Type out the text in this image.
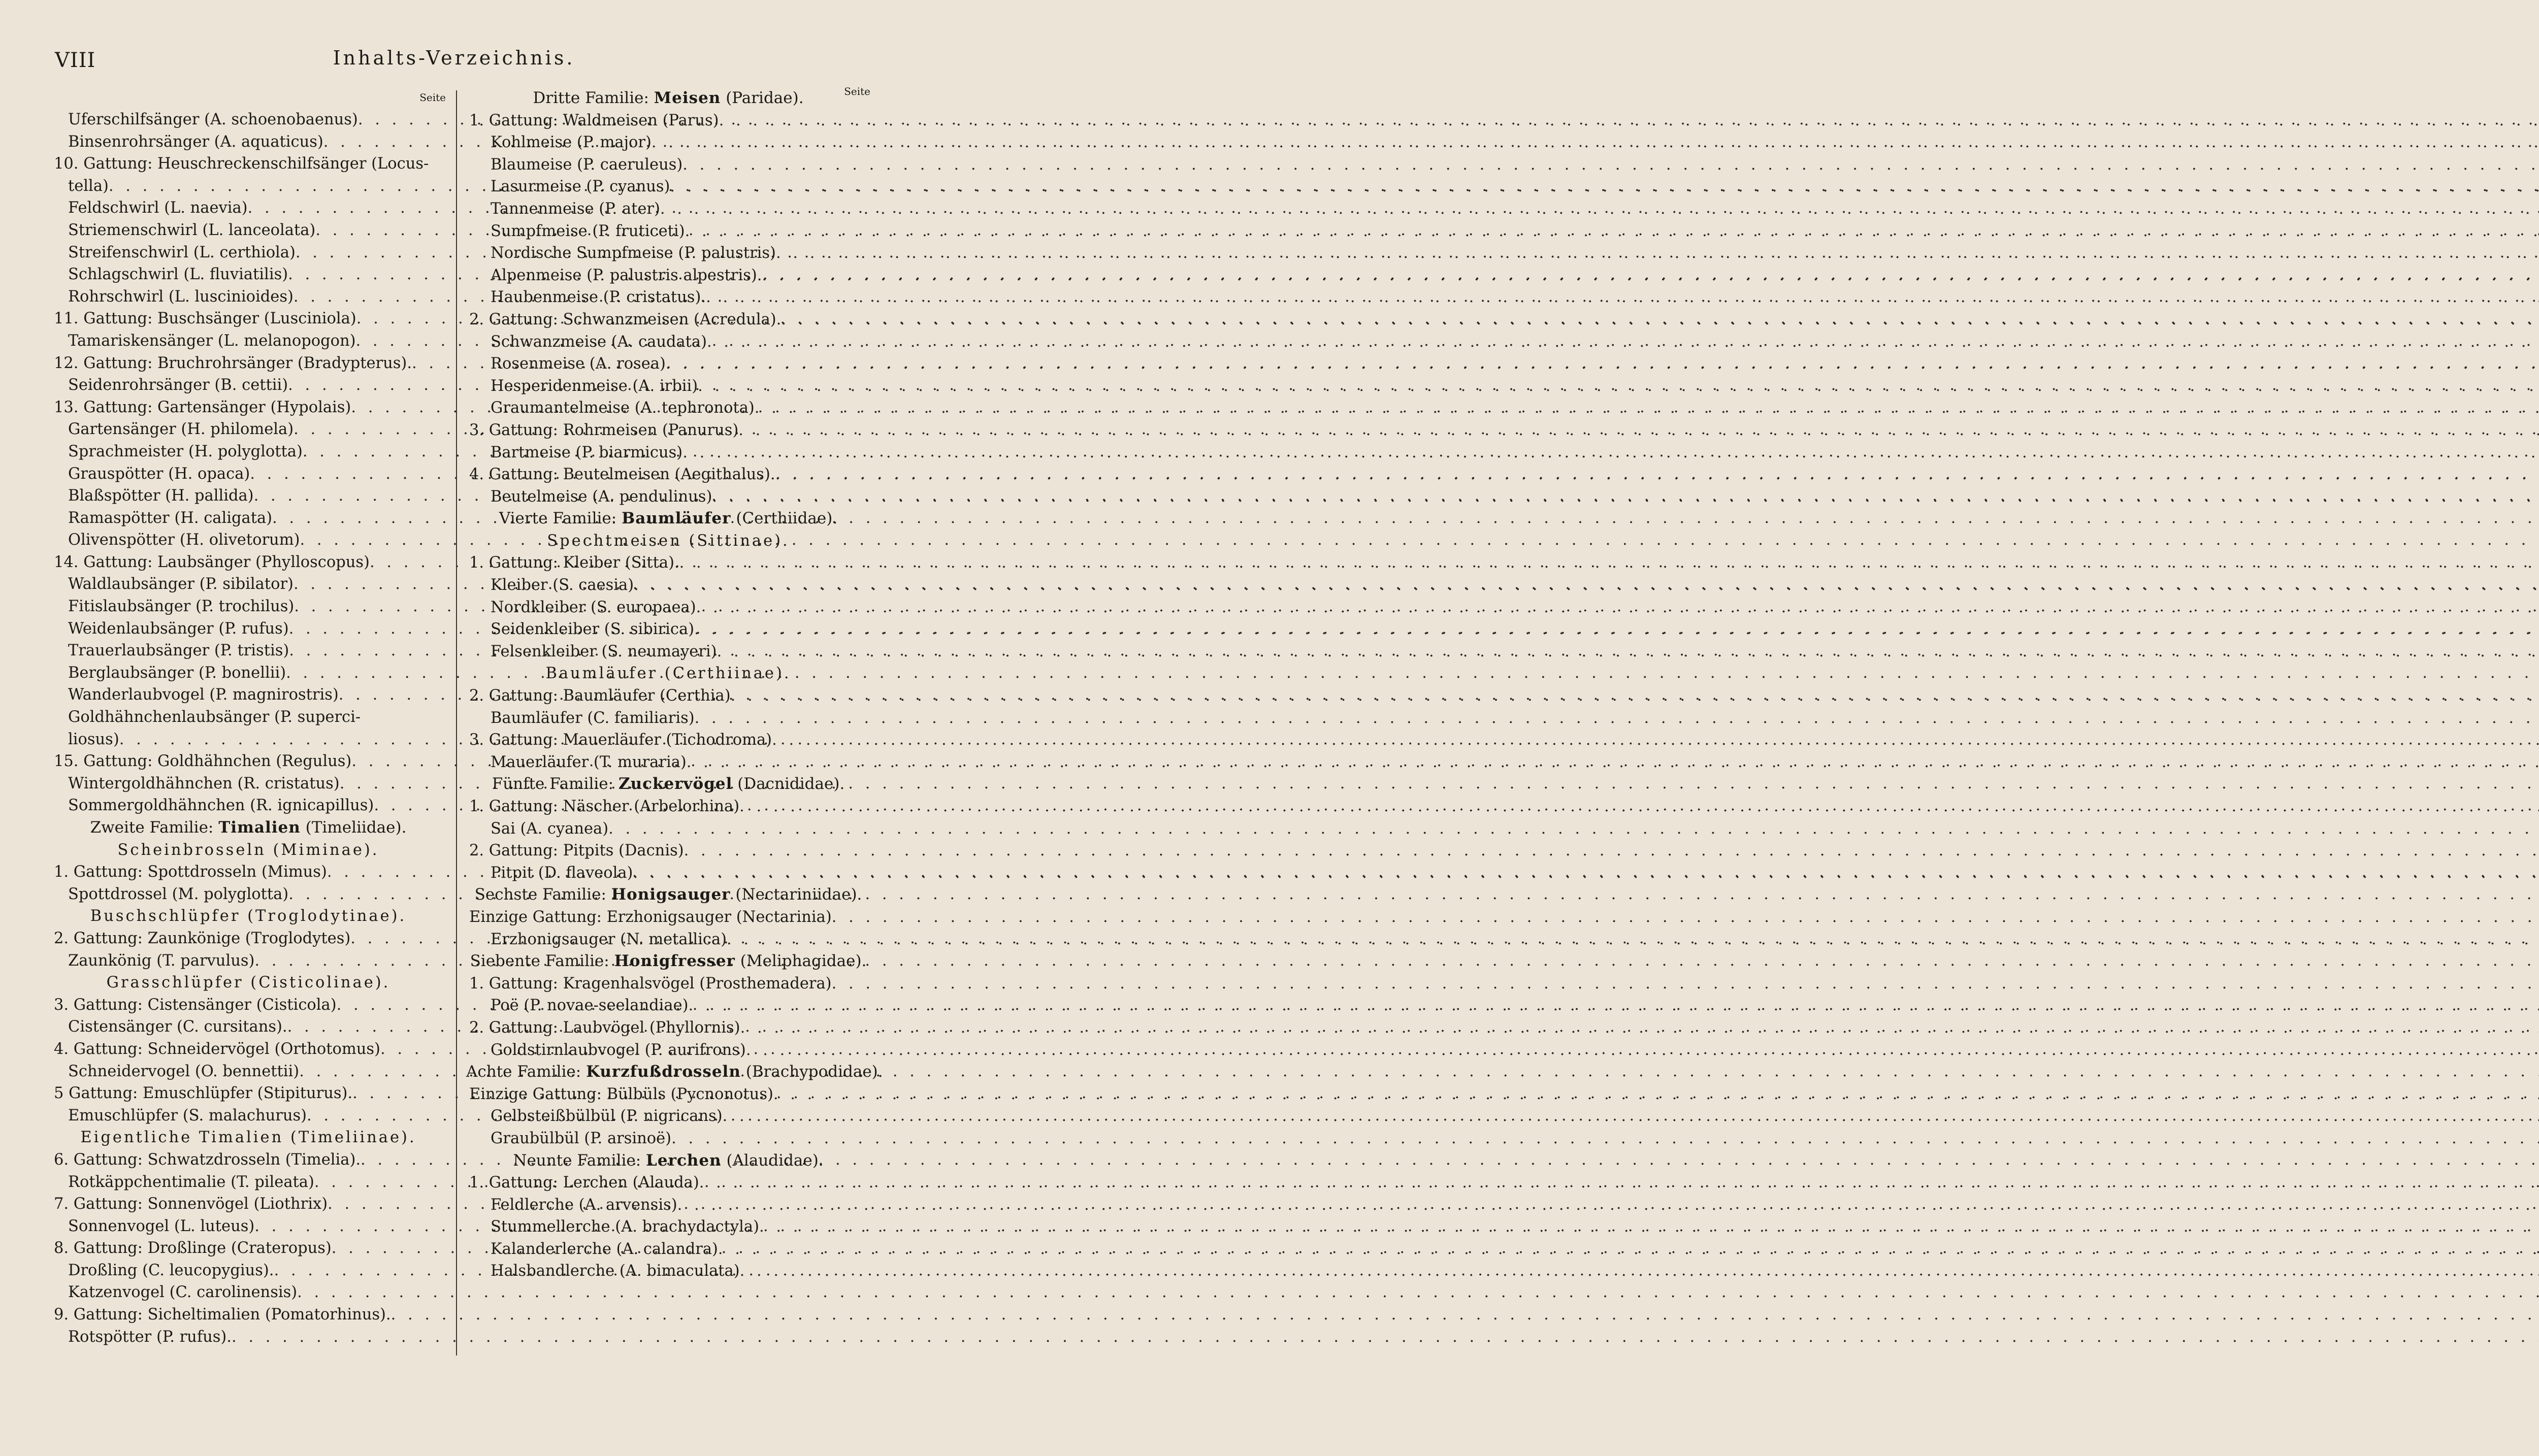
VIII	Inhalts-Verzeichnis.
Seite
Uferschilfsänger (A. schoenobaenus)
. . .
Binsenrohrsänger (A. aquaticus)
. . .
10. Gattung: Heuschreckenschilfsänger (Locus-
tella)
. . .
Feldschwirl (L. naevia)
. . .
Striemenschwirl (L. lanceolata)
. . .
Streifenschwirl (L. certhiola)
. . .
Schlagschwirl (L. fluviatilis)
. . .
Rohrschwirl (L. luscinioides)
. . .
11. Gattung: Buschsänger (Lusciniola)
. . .
Tamariskensänger (L. melanopogon)
. . .
12. Gattung: Bruchrohrsänger (Bradypterus).
. . .
Seidenrohrsänger (B. cettii)
. . .
13. Gattung: Gartensänger (Hypolais)
. . .
Gartensänger (H. philomela)
. . .
Sprachmeister (H. polyglotta)
. . .
Grauspötter (H. opaca)
. . .
Blaßspötter (H. pallida)
. . .
Ramaspötter (H. caligata)
. . .
Olivenspötter (H. olivetorum)
. . .
14. Gattung: Laubsänger (Phylloscopus)
. . .
Waldlaubsänger (P. sibilator)
. . .
Fitislaubsänger (P. trochilus)
. . .
Weidenlaubsänger (P. rufus)
. . .
Trauerlaubsänger (P. tristis)
. . .
Berglaubsänger (P. bonellii)
. . .
Wanderlaubvogel (P. magnirostris)
. . .
Goldhähnchenlaubsänger (P. superci-
liosus)
. . .
15. Gattung: Goldhähnchen (Regulus)
. . .
Wintergoldhähnchen (R. cristatus)
. . .
Sommergoldhähnchen (R. ignicapillus)
. . .
Zweite Familie: Timalien (Timeliidae).
Scheinbrosseln (Miminae).
1. Gattung: Spottdrosseln (Mimus)
. . .
Spottdrossel (M. polyglotta)
. . .
Buschschlüpfer (Troglodytinae).
2. Gattung: Zaunkönige (Troglodytes)
. . .
Zaunkönig (T. parvulus)
. . .
Grasschlüpfer (Cisticolinae).
3. Gattung: Cistensänger (Cisticola)
. . .
Cistensänger (C. cursitans).
. . .
4. Gattung: Schneidervögel (Orthotomus)
. . .
Schneidervogel (O. bennettii)
. . .
5 Gattung: Emuschlüpfer (Stipiturus).
. . .
Emuschlüpfer (S. malachurus)
. . .
Eigentliche Timalien (Timeliinae).
6. Gattung: Schwatzdrosseln (Timelia).
. . .
Rotkäppchentimalie (T. pileata)
. . .
7. Gattung: Sonnenvögel (Liothrix)
. . .
Sonnenvogel (L. luteus)
. . .
8. Gattung: Droßlinge (Crateropus)
. . .
Droßling (C. leucopygius).
. . .
Katzenvogel (C. carolinensis)
. . .
9. Gattung: Sicheltimalien (Pomatorhinus).
. . .
Rotspötter (P. rufus).
. . .
Dritte Familie: Meisen (Paridae).	Seite
1. Gattung: Waldmeisen (Parus)
. . .
Kohlmeise (P. major)
. . .
Blaumeise (P. caeruleus)
. . .
Lasurmeise (P. cyanus)
. . .
Tannenmeise (P. ater)
. . .
Sumpfmeise (P. fruticeti)
. . .
Nordische Sumpfmeise (P. palustris)
. . .
Alpenmeise (P. palustris alpestris).
. . .
Haubenmeise (P. cristatus).
. . .
2. Gattung: Schwanzmeisen (Acredula).
. . .
Schwanzmeise (A. caudata)
. . .
Rosenmeise (A. rosea)
. . .
Hesperidenmeise (A. irbii)
. . .
Graumantelmeise (A. tephronota)
. . .
3. Gattung: Rohrmeisen (Panurus)
. . .
Bartmeise (P. biarmicus)
. . .
4. Gattung: Beutelmeisen (Aegithalus).
. . .
Beutelmeise (A. pendulinus)
. . .
Vierte Familie: Baumläufer (Certhiidae).
Spechtmeisen (Sittinae).
1. Gattung: Kleiber (Sitta).
. . .
Kleiber (S. caesia)
. . .
Nordkleiber (S. europaea)
. . .
Seidenkleiber (S. sibirica)
. . .
Felsenkleiber (S. neumayeri)
. . .
Baumläufer (Certhiinae).
2. Gattung: Baumläufer (Certhia)
. . .
Baumläufer (C. familiaris)
. . .
3. Gattung: Mauerläufer (Tichodroma)
. . .
Mauerläufer (T. muraria)
. . .
Fünfte Familie: Zuckervögel (Dacnididae).
1. Gattung: Näscher (Arbelorhina)
. . .
Sai (A. cyanea)
. . .
2. Gattung: Pitpits (Dacnis)
. . .
Pitpit (D. flaveola)
. . .
Sechste Familie: Honigsauger (Nectariniidae).
Einzige Gattung: Erzhonigsauger (Nectarinia)
. . .
Erzhonigsauger (N. metallica)
. . .
Siebente Familie: Honigfresser (Meliphagidae).
1. Gattung: Kragenhalsvögel (Prosthemadera)
. . .
Poë (P. novae-seelandiae)
. . .
2. Gattung: Laubvögel (Phyllornis)
. . .
Goldstirnlaubvogel (P. aurifrons)
. . .
Achte Familie: Kurzfußdrosseln (Brachypodidae).
Einzige Gattung: Bülbüls (Pycnonotus)
. . .
Gelbsteißbülbül (P. nigricans)
. . .
Graubülbül (P. arsinoë)
. . .
Neunte Familie: Lerchen (Alaudidae).
1. Gattung: Lerchen (Alauda)
. . .
Feldlerche (A. arvensis)
. . .
Stummellerche (A. brachydactyla)
. . .
Kalanderlerche (A. calandra)
. . .
Halsbandlerche (A. bimaculata)
. . .
